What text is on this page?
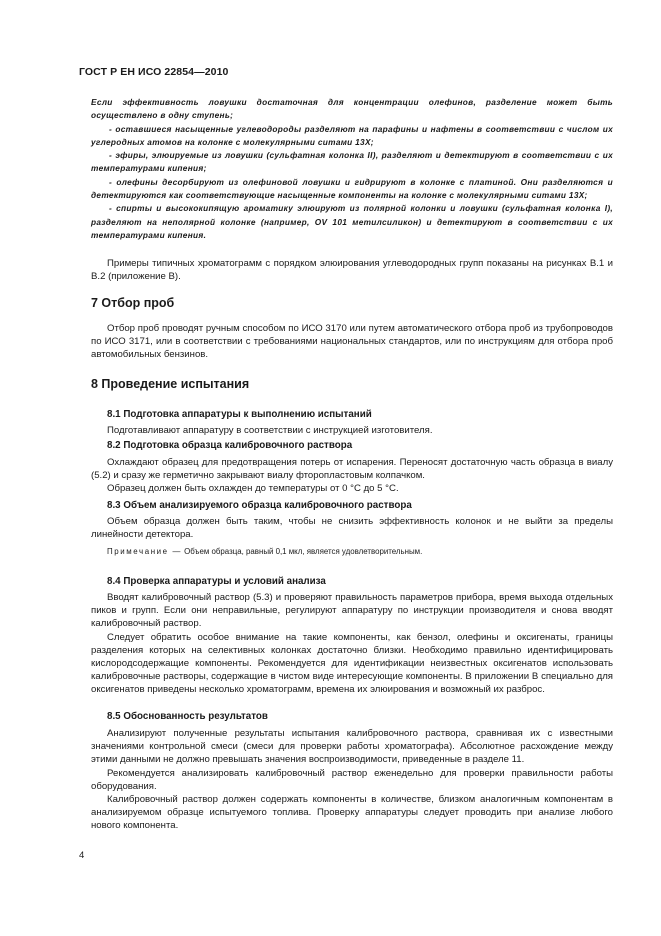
ГОСТ Р ЕН ИСО 22854—2010

Если эффективность ловушки достаточная для концентрации олефинов, разделение может быть осуществлено в одну ступень;

- оставшиеся насыщенные углеводороды разделяют на парафины и нафтены в соответствии с числом их углеродных атомов на колонке с молекулярными ситами 13Х;

- эфиры, элюируемые из ловушки (сульфатная колонка II), разделяют и детектируют в соответствии с их температурами кипения;

- олефины десорбируют из олефиновой ловушки и гидрируют в колонке с платиной. Они разделяются и детектируются как соответствующие насыщенные компоненты на колонке с молекулярными ситами 13Х;

- спирты и высококипящую ароматику элюируют из полярной колонки и ловушки (сульфатная колонка I), разделяют на неполярной колонке (например, OV 101 метилсиликон) и детектируют в соответствии с их температурами кипения.

Примеры типичных хроматограмм с порядком элюирования углеводородных групп показаны на рисунках В.1 и В.2 (приложение В).

7 Отбор проб

Отбор проб проводят ручным способом по ИСО 3170 или путем автоматического отбора проб из трубопроводов по ИСО 3171, или в соответствии с требованиями национальных стандартов, или по инструкциям для отбора проб автомобильных бензинов.

8 Проведение испытания
8.1 Подготовка аппаратуры к выполнению испытаний

Подготавливают аппаратуру в соответствии с инструкцией изготовителя.

8.2 Подготовка образца калибровочного раствора

Охлаждают образец для предотвращения потерь от испарения. Переносят достаточную часть образца в виалу (5.2) и сразу же герметично закрывают виалу фторопластовым колпачком.

Образец должен быть охлажден до температуры от 0 °С до 5 °С.

8.3 Объем анализируемого образца калибровочного раствора

Объем образца должен быть таким, чтобы не снизить эффективность колонок и не выйти за пределы линейности детектора.

Примечание — Объем образца, равный 0,1 мкл, является удовлетворительным.
8.4 Проверка аппаратуры и условий анализа

Вводят калибровочный раствор (5.3) и проверяют правильность параметров прибора, время выхода отдельных пиков и групп. Если они неправильные, регулируют аппаратуру по инструкции производителя и снова вводят калибровочный раствор.

Следует обратить особое внимание на такие компоненты, как бензол, олефины и оксигенаты, границы разделения которых на селективных колонках достаточно близки. Необходимо правильно идентифицировать кислородсодержащие компоненты. Рекомендуется для идентификации неизвестных оксигенатов использовать калибровочные растворы, содержащие в чистом виде интересующие компоненты. В приложении В специально для оксигенатов приведены несколько хроматограмм, времена их элюирования и возможный их разброс.

8.5 Обоснованность результатов

Анализируют полученные результаты испытания калибровочного раствора, сравнивая их с известными значениями контрольной смеси (смеси для проверки работы хроматографа). Абсолютное расхождение между этими данными не должно превышать значения воспроизводимости, приведенные в разделе 11.

Рекомендуется анализировать калибровочный раствор еженедельно для проверки правильности работы оборудования.

Калибровочный раствор должен содержать компоненты в количестве, близком аналогичным компонентам в анализируемом образце испытуемого топлива. Проверку аппаратуры следует проводить при анализе любого нового компонента.

4
